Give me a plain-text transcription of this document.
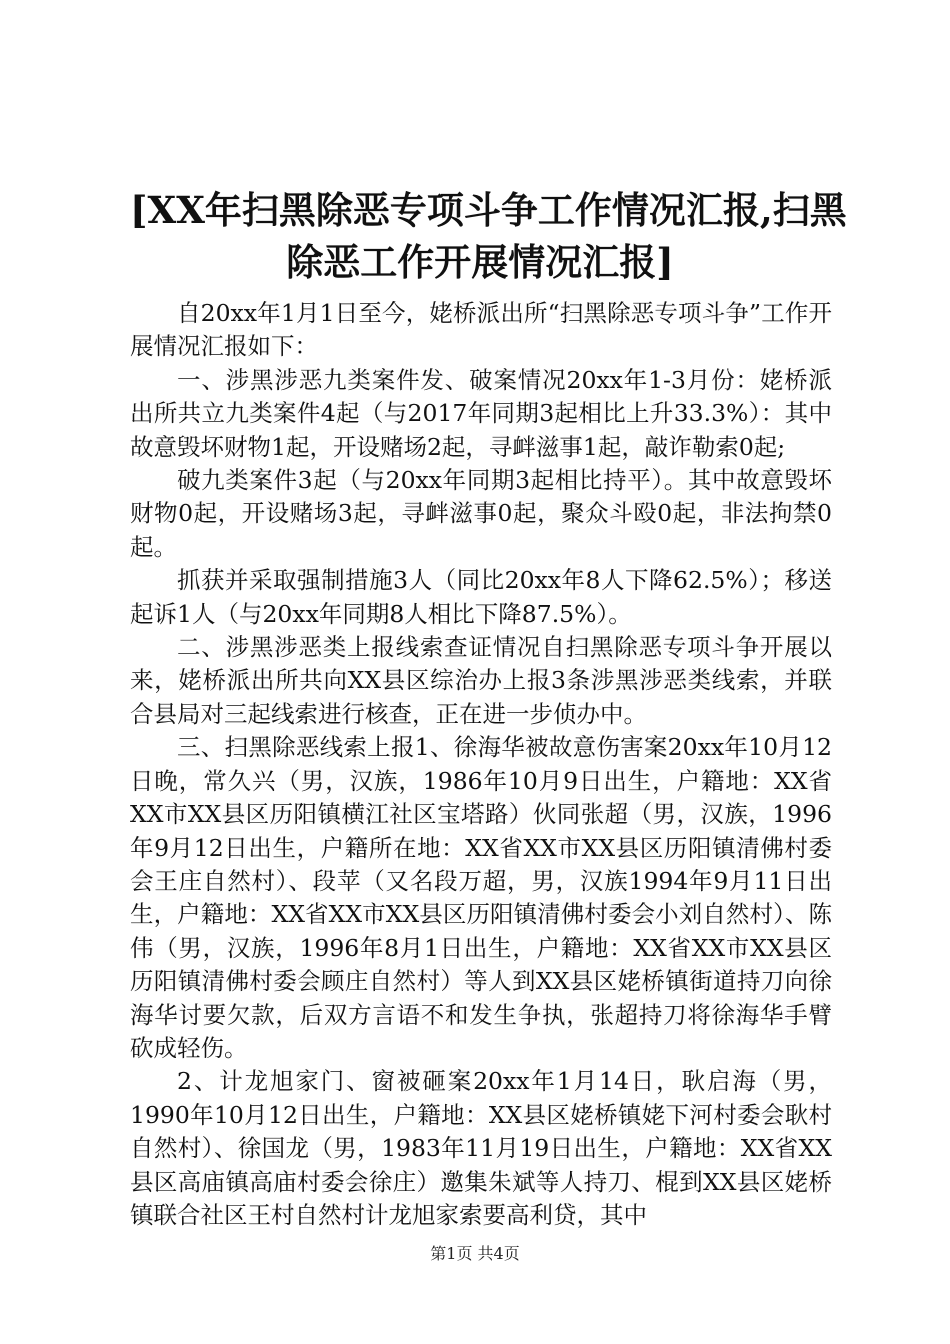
[XX年扫黑除恶专项斗争工作情况汇报,扫黑
除恶工作开展情况汇报]

自20xx年1月1日至今，姥桥派出所“扫黑除恶专项斗争”工作开展情况汇报如下：

一、涉黑涉恶九类案件发、破案情况20xx年1-3月份：姥桥派出所共立九类案件4起（与2017年同期3起相比上升33.3%）：其中故意毁坏财物1起，开设赌场2起，寻衅滋事1起，敲诈勒索0起;

破九类案件3起（与20xx年同期3起相比持平）。其中故意毁坏财物0起，开设赌场3起，寻衅滋事0起，聚众斗殴0起，非法拘禁0起。

抓获并采取强制措施3人（同比20xx年8人下降62.5%）；移送起诉1人（与20xx年同期8人相比下降87.5%）。

二、涉黑涉恶类上报线索查证情况自扫黑除恶专项斗争开展以来，姥桥派出所共向XX县区综治办上报3条涉黑涉恶类线索，并联合县局对三起线索进行核查，正在进一步侦办中。

三、扫黑除恶线索上报1、徐海华被故意伤害案20xx年10月12日晚，常久兴（男，汉族，1986年10月9日出生，户籍地：XX省XX市XX县区历阳镇横江社区宝塔路）伙同张超（男，汉族，1996年9月12日出生，户籍所在地：XX省XX市XX县区历阳镇清佛村委会王庄自然村）、段苹（又名段万超，男，汉族1994年9月11日出生，户籍地：XX省XX市XX县区历阳镇清佛村委会小刘自然村）、陈伟（男，汉族，1996年8月1日出生，户籍地：XX省XX市XX县区历阳镇清佛村委会顾庄自然村）等人到XX县区姥桥镇街道持刀向徐海华讨要欠款，后双方言语不和发生争执，张超持刀将徐海华手臂砍成轻伤。

2、计龙旭家门、窗被砸案20xx年1月14日，耿启海（男，1990年10月12日出生，户籍地：XX县区姥桥镇姥下河村委会耿村自然村）、徐国龙（男，1983年11月19日出生，户籍地：XX省XX县区高庙镇高庙村委会徐庄）邀集朱斌等人持刀、棍到XX县区姥桥镇联合社区王村自然村计龙旭家索要高利贷，其中

第1页 共4页
